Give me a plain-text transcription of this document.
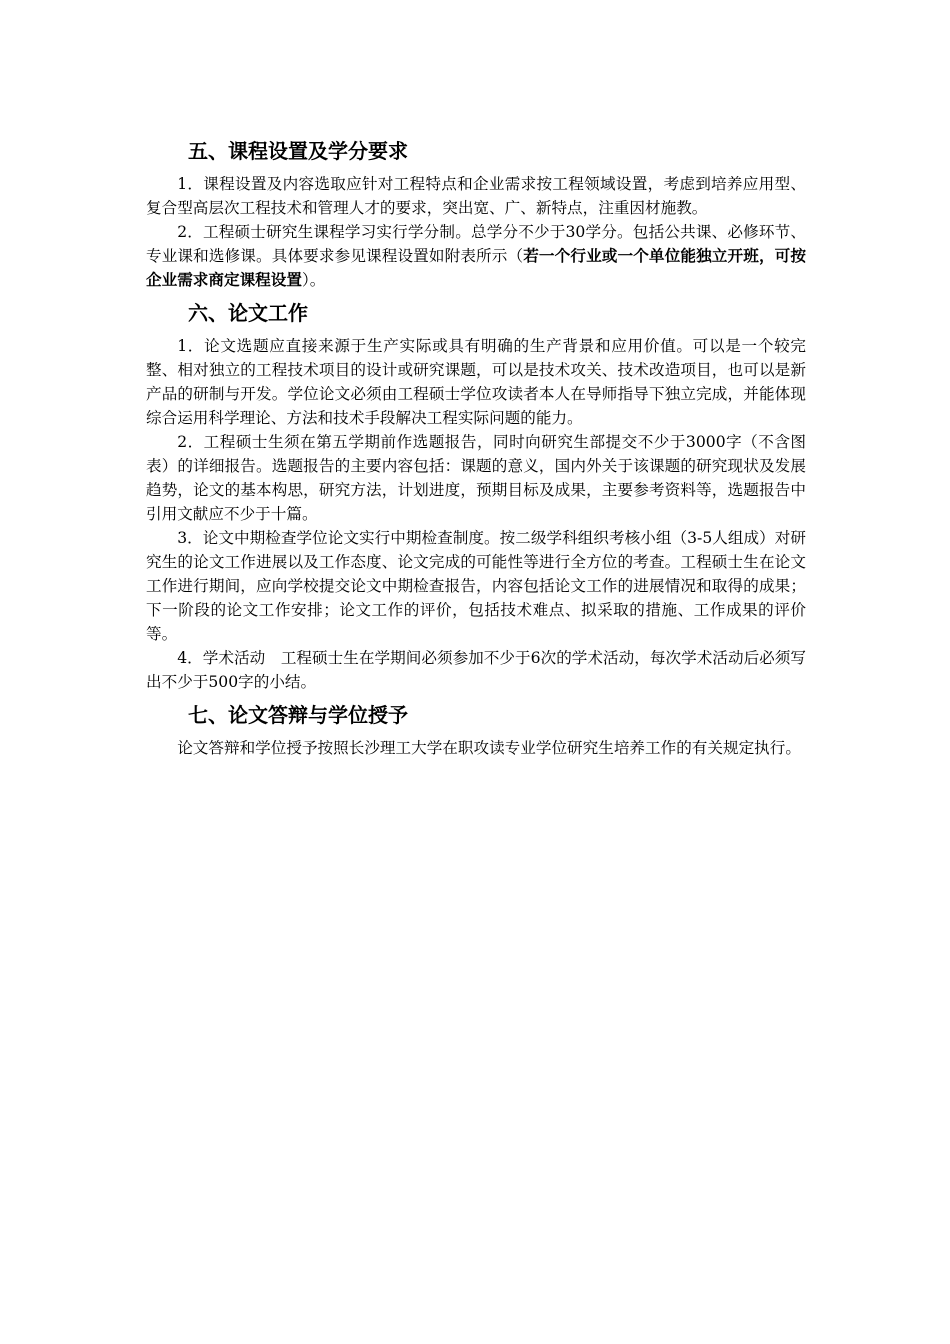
五、课程设置及学分要求

1．课程设置及内容选取应针对工程特点和企业需求按工程领域设置，考虑到培养应用型、复合型高层次工程技术和管理人才的要求，突出宽、广、新特点，注重因材施教。

2．工程硕士研究生课程学习实行学分制。总学分不少于30学分。包括公共课、必修环节、专业课和选修课。具体要求参见课程设置如附表所示（若一个行业或一个单位能独立开班，可按企业需求商定课程设置）。

六、论文工作

1．论文选题应直接来源于生产实际或具有明确的生产背景和应用价值。可以是一个较完整、相对独立的工程技术项目的设计或研究课题，可以是技术攻关、技术改造项目，也可以是新产品的研制与开发。学位论文必须由工程硕士学位攻读者本人在导师指导下独立完成，并能体现综合运用科学理论、方法和技术手段解决工程实际问题的能力。

2．工程硕士生须在第五学期前作选题报告，同时向研究生部提交不少于3000字（不含图表）的详细报告。选题报告的主要内容包括：课题的意义，国内外关于该课题的研究现状及发展趋势，论文的基本构思，研究方法，计划进度，预期目标及成果，主要参考资料等，选题报告中引用文献应不少于十篇。

3．论文中期检查学位论文实行中期检查制度。按二级学科组织考核小组（3-5人组成）对研究生的论文工作进展以及工作态度、论文完成的可能性等进行全方位的考查。工程硕士生在论文工作进行期间，应向学校提交论文中期检查报告，内容包括论文工作的进展情况和取得的成果；下一阶段的论文工作安排；论文工作的评价，包括技术难点、拟采取的措施、工作成果的评价等。

4．学术活动　工程硕士生在学期间必须参加不少于6次的学术活动，每次学术活动后必须写出不少于500字的小结。

七、论文答辩与学位授予

论文答辩和学位授予按照长沙理工大学在职攻读专业学位研究生培养工作的有关规定执行。
